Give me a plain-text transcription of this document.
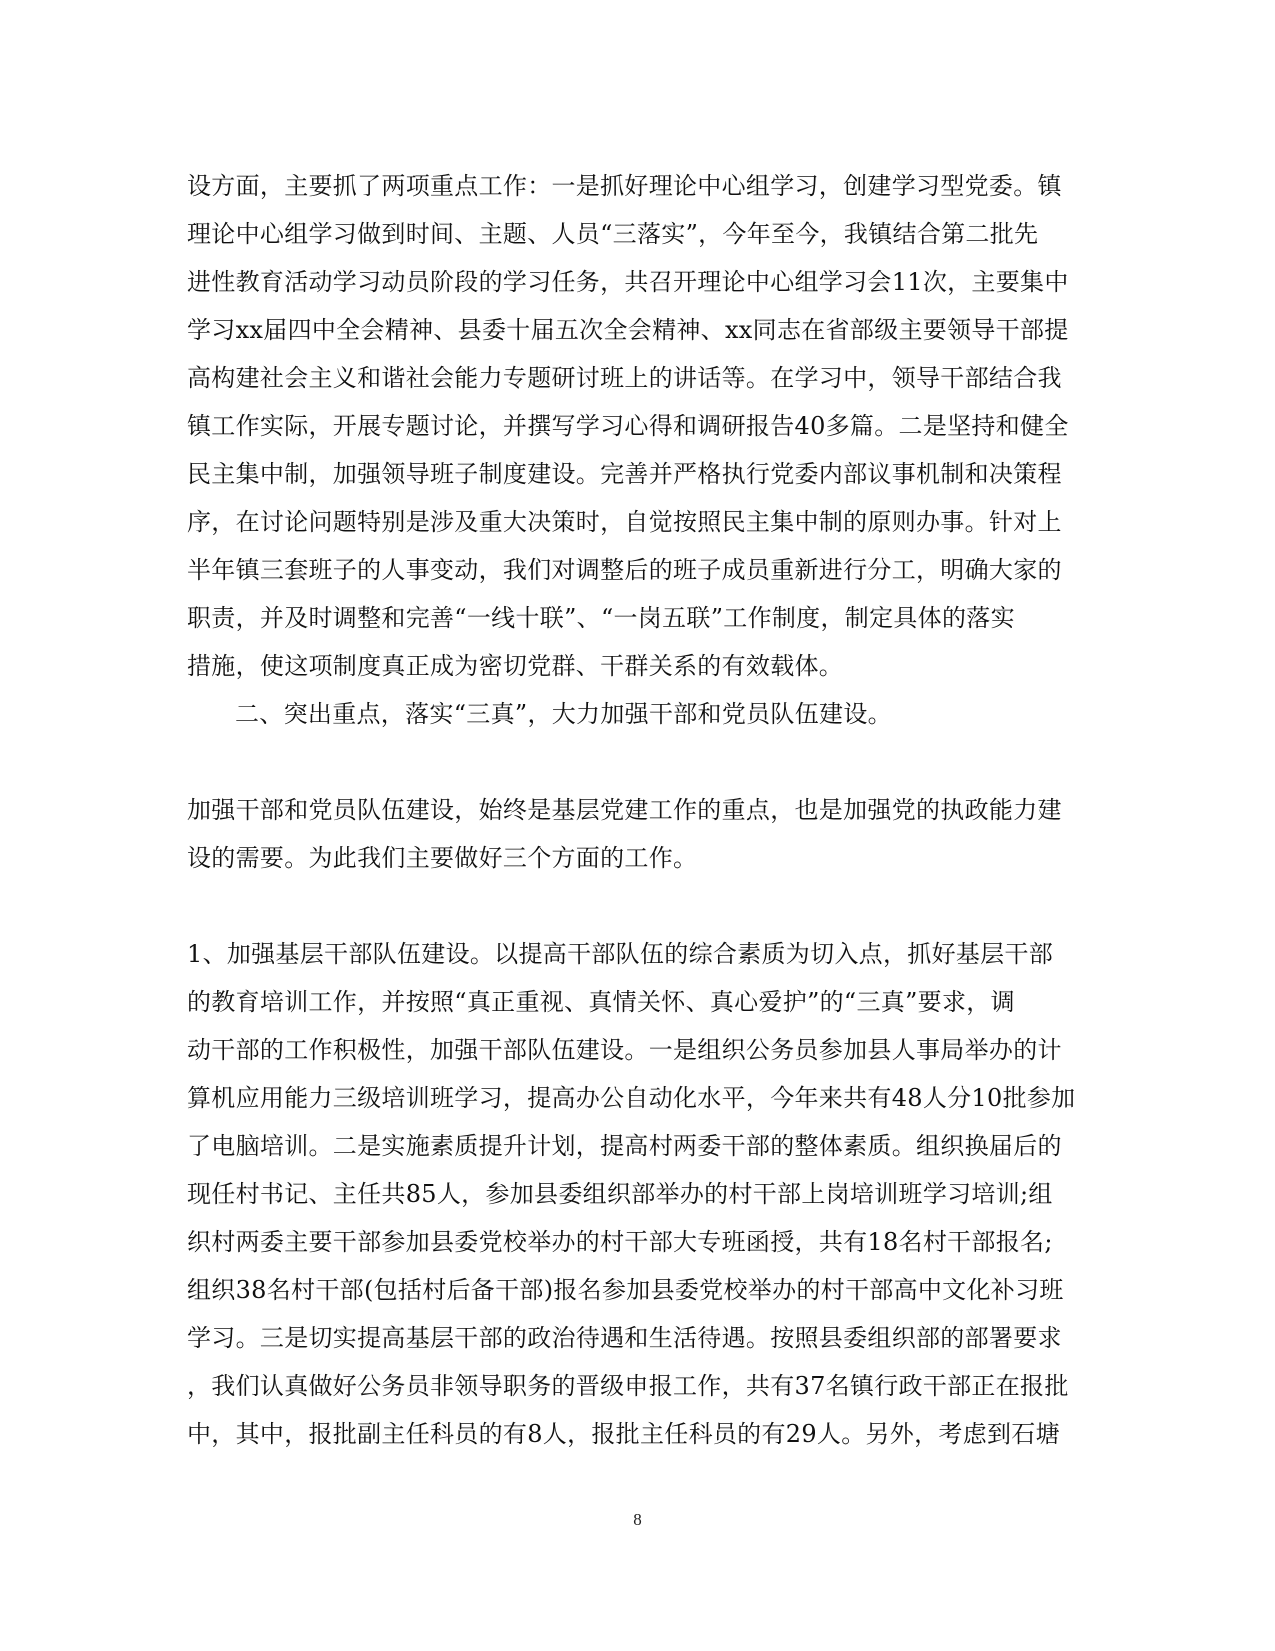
设方面，主要抓了两项重点工作：一是抓好理论中心组学习，创建学习型党委。镇
理论中心组学习做到时间、主题、人员“三落实”，今年至今，我镇结合第二批先
进性教育活动学习动员阶段的学习任务，共召开理论中心组学习会11次，主要集中
学习xx届四中全会精神、县委十届五次全会精神、xx同志在省部级主要领导干部提
高构建社会主义和谐社会能力专题研讨班上的讲话等。在学习中，领导干部结合我
镇工作实际，开展专题讨论，并撰写学习心得和调研报告40多篇。二是坚持和健全
民主集中制，加强领导班子制度建设。完善并严格执行党委内部议事机制和决策程
序，在讨论问题特别是涉及重大决策时，自觉按照民主集中制的原则办事。针对上
半年镇三套班子的人事变动，我们对调整后的班子成员重新进行分工，明确大家的
职责，并及时调整和完善“一线十联”、“一岗五联”工作制度，制定具体的落实
措施，使这项制度真正成为密切党群、干群关系的有效载体。
二、突出重点，落实“三真”，大力加强干部和党员队伍建设。
加强干部和党员队伍建设，始终是基层党建工作的重点，也是加强党的执政能力建
设的需要。为此我们主要做好三个方面的工作。
1、加强基层干部队伍建设。以提高干部队伍的综合素质为切入点，抓好基层干部
的教育培训工作，并按照“真正重视、真情关怀、真心爱护”的“三真”要求，调
动干部的工作积极性，加强干部队伍建设。一是组织公务员参加县人事局举办的计
算机应用能力三级培训班学习，提高办公自动化水平，今年来共有48人分10批参加
了电脑培训。二是实施素质提升计划，提高村两委干部的整体素质。组织换届后的
现任村书记、主任共85人，参加县委组织部举办的村干部上岗培训班学习培训;组
织村两委主要干部参加县委党校举办的村干部大专班函授，共有18名村干部报名;
组织38名村干部(包括村后备干部)报名参加县委党校举办的村干部高中文化补习班
学习。三是切实提高基层干部的政治待遇和生活待遇。按照县委组织部的部署要求
，我们认真做好公务员非领导职务的晋级申报工作，共有37名镇行政干部正在报批
中，其中，报批副主任科员的有8人，报批主任科员的有29人。另外，考虑到石塘
8
